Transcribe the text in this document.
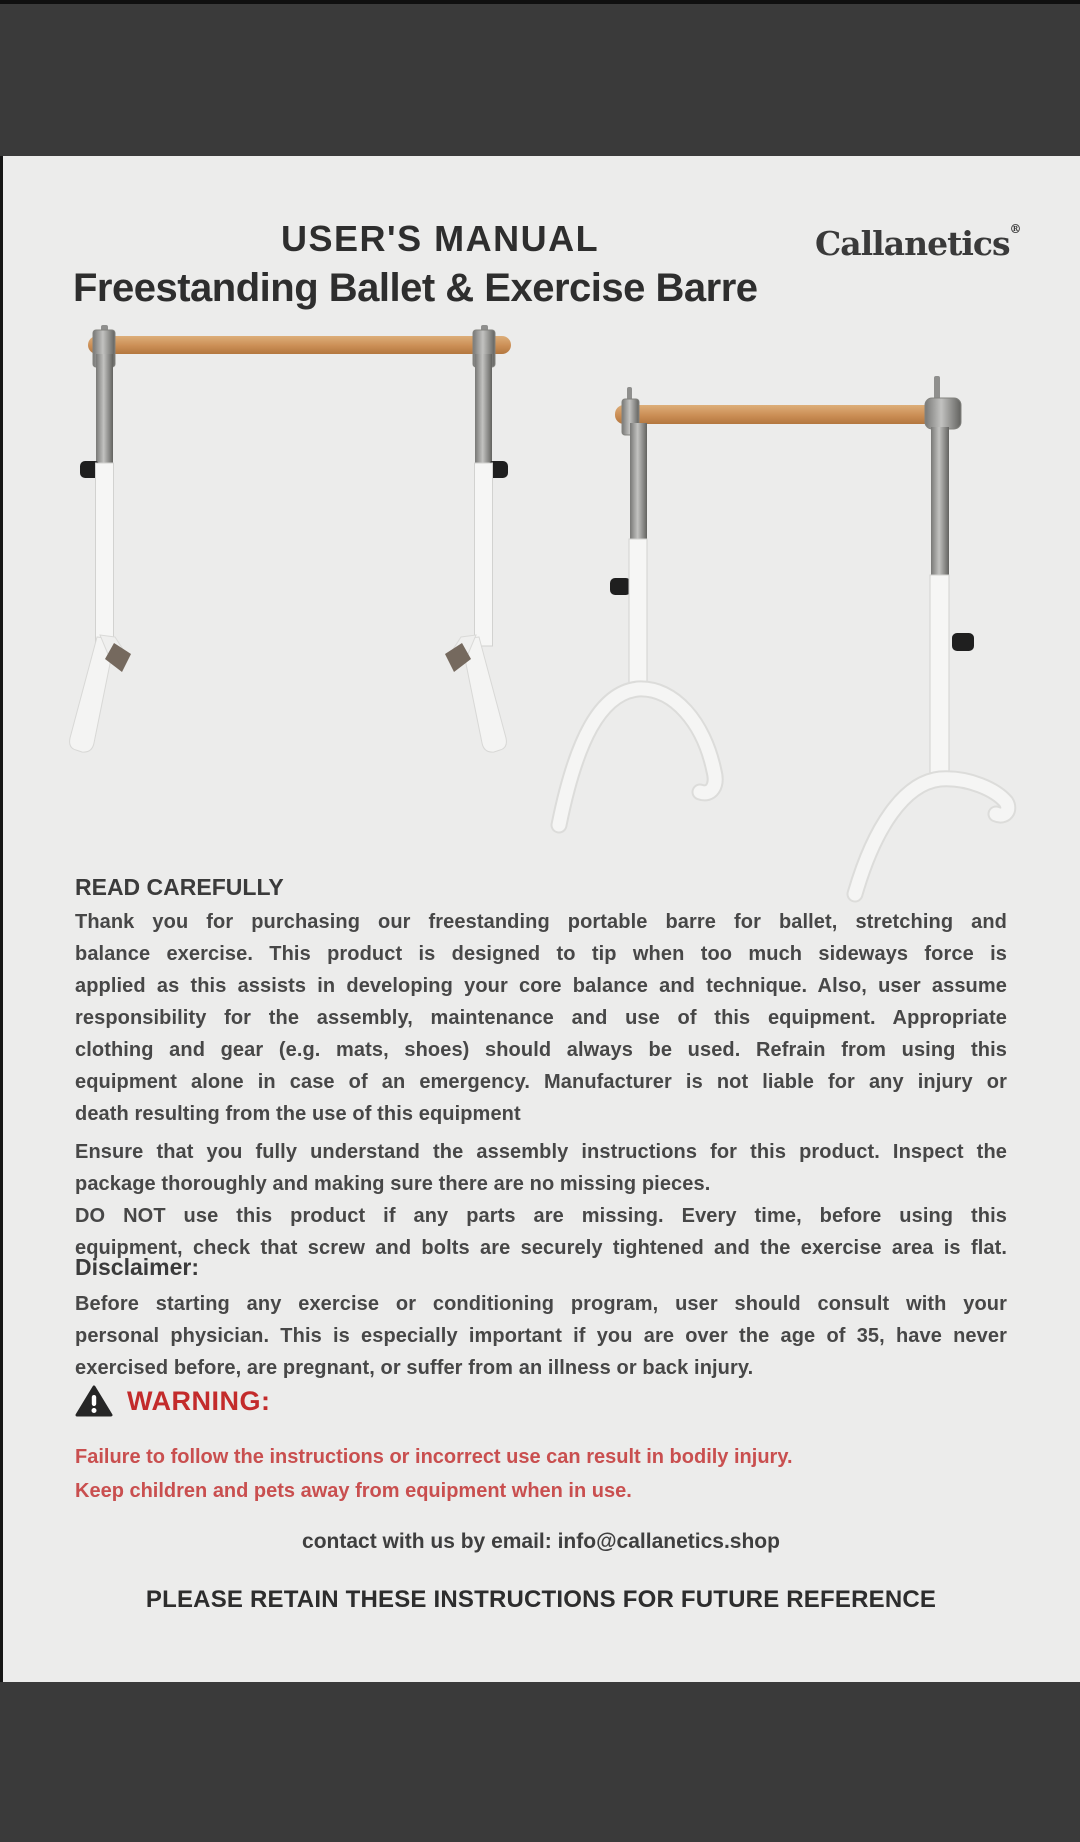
USER'S MANUAL	Callanetics®
Freestanding Ballet & Exercise Barre
READ CAREFULLY
Thank you for purchasing our freestanding portable barre for ballet, stretching and
balance exercise. This product is designed to tip when too much sideways force is
applied as this assists in developing your core balance and technique. Also, user assume
responsibility for the assembly, maintenance and use of this equipment. Appropriate
clothing and gear (e.g. mats, shoes) should always be used. Refrain from using this
equipment alone in case of an emergency. Manufacturer is not liable for any injury or
death resulting from the use of this equipment
Ensure that you fully understand the assembly instructions for this product. Inspect the
package thoroughly and making sure there are no missing pieces.
DO NOT use this product if any parts are missing. Every time, before using this
equipment, check that screw and bolts are securely tightened and the exercise area is flat.
Disclaimer:
Before starting any exercise or conditioning program, user should consult with your
personal physician. This is especially important if you are over the age of 35, have never
exercised before, are pregnant, or suffer from an illness or back injury.
WARNING:
Failure to follow the instructions or incorrect use can result in bodily injury.
Keep children and pets away from equipment when in use.
contact with us by email: info@callanetics.shop
PLEASE RETAIN THESE INSTRUCTIONS FOR FUTURE REFERENCE
